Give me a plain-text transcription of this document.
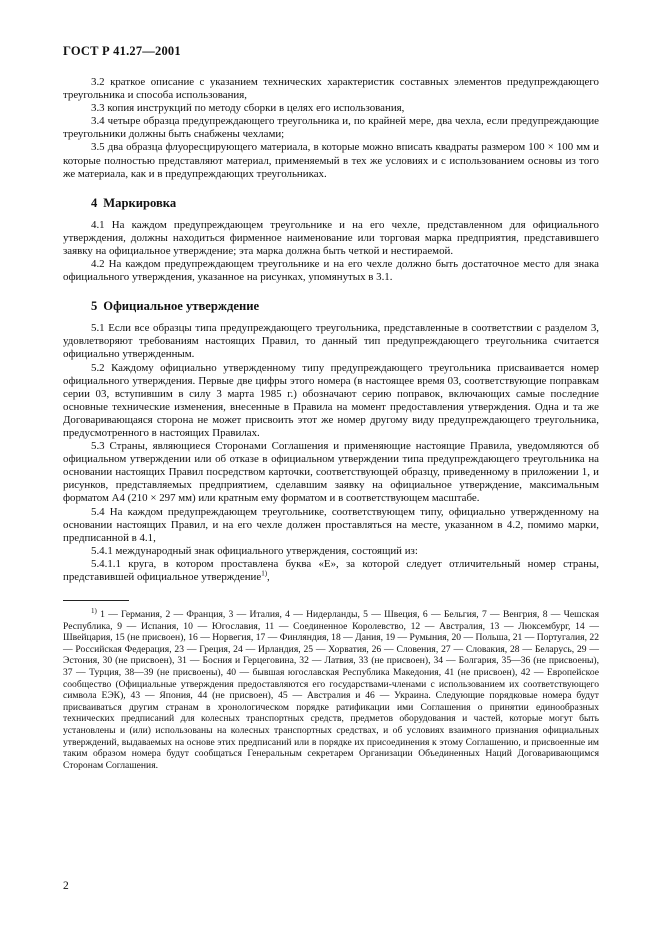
ГОСТ Р 41.27—2001

3.2 краткое описание с указанием технических характеристик составных элементов предупреждающего треугольника и способа использования,

3.3 копия инструкций по методу сборки в целях его использования,

3.4 четыре образца предупреждающего треугольника и, по крайней мере, два чехла, если предупреждающие треугольники должны быть снабжены чехлами;

3.5 два образца флуоресцирующего материала, в которые можно вписать квадраты размером 100 × 100 мм и которые полностью представляют материал, применяемый в тех же условиях и с использованием основы из того же материала, как и в предупреждающих треугольниках.

4 Маркировка

4.1 На каждом предупреждающем треугольнике и на его чехле, представленном для официального утверждения, должны находиться фирменное наименование или торговая марка предприятия, представившего заявку на официальное утверждение; эта марка должна быть четкой и нестираемой.

4.2 На каждом предупреждающем треугольнике и на его чехле должно быть достаточное место для знака официального утверждения, указанное на рисунках, упомянутых в 3.1.

5 Официальное утверждение

5.1 Если все образцы типа предупреждающего треугольника, представленные в соответствии с разделом 3, удовлетворяют требованиям настоящих Правил, то данный тип предупреждающего треугольника считается официально утвержденным.

5.2 Каждому официально утвержденному типу предупреждающего треугольника присваивается номер официального утверждения. Первые две цифры этого номера (в настоящее время 03, соответствующие поправкам серии 03, вступившим в силу 3 марта 1985 г.) обозначают серию поправок, включающих самые последние основные технические изменения, внесенные в Правила на момент предоставления утверждения. Одна и та же Договаривающаяся сторона не может присвоить этот же номер другому виду предупреждающего треугольника, предусмотренного в настоящих Правилах.

5.3 Страны, являющиеся Сторонами Соглашения и применяющие настоящие Правила, уведомляются об официальном утверждении или об отказе в официальном утверждении типа предупреждающего треугольника на основании настоящих Правил посредством карточки, соответствующей образцу, приведенному в приложении 1, и рисунков, представляемых предприятием, сделавшим заявку на официальное утверждение, максимальным форматом А4 (210 × 297 мм) или кратным ему форматом и в соответствующем масштабе.

5.4 На каждом предупреждающем треугольнике, соответствующем типу, официально утвержденному на основании настоящих Правил, и на его чехле должен проставляться на месте, указанном в 4.2, помимо марки, предписанной в 4.1,

5.4.1 международный знак официального утверждения, состоящий из:

5.4.1.1 круга, в котором проставлена буква «Е», за которой следует отличительный номер страны, представившей официальное утверждение$^{1)}$,

$^{1)}$ 1 — Германия, 2 — Франция, 3 — Италия, 4 — Нидерланды, 5 — Швеция, 6 — Бельгия, 7 — Венгрия, 8 — Чешская Республика, 9 — Испания, 10 — Югославия, 11 — Соединенное Королевство, 12 — Австралия, 13 — Люксембург, 14 — Швейцария, 15 (не присвоен), 16 — Норвегия, 17 — Финляндия, 18 — Дания, 19 — Румыния, 20 — Польша, 21 — Португалия, 22 — Российская Федерация, 23 — Греция, 24 — Ирландия, 25 — Хорватия, 26 — Словения, 27 — Словакия, 28 — Беларусь, 29 — Эстония, 30 (не присвоен), 31 — Босния и Герцеговина, 32 — Латвия, 33 (не присвоен), 34 — Болгария, 35—36 (не присвоены), 37 — Турция, 38—39 (не присвоены), 40 — бывшая югославская Республика Македония, 41 (не присвоен), 42 — Европейское сообщество (Официальные утверждения предоставляются его государствами-членами с использованием их соответствующего символа ЕЭК), 43 — Япония, 44 (не присвоен), 45 — Австралия и 46 — Украина. Следующие порядковые номера будут присваиваться другим странам в хронологическом порядке ратификации ими Соглашения о принятии единообразных технических предписаний для колесных транспортных средств, предметов оборудования и частей, которые могут быть установлены и (или) использованы на колесных транспортных средствах, и об условиях взаимного признания официальных утверждений, выдаваемых на основе этих предписаний или в порядке их присоединения к этому Соглашению, и присвоенные им таким образом номера будут сообщаться Генеральным секретарем Организации Объединенных Наций Договаривающимся Сторонам Соглашения.

2
